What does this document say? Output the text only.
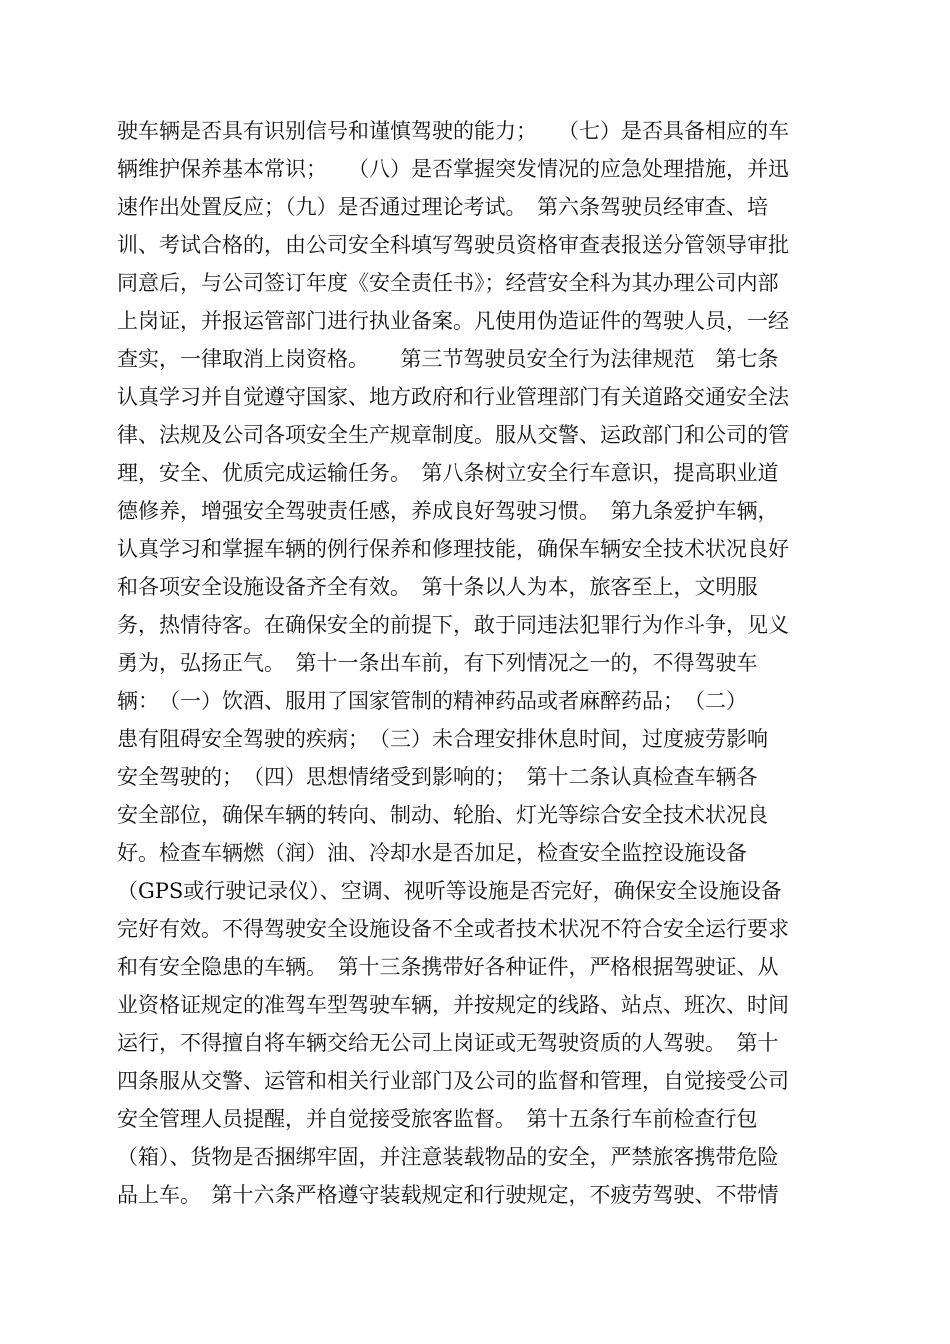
驶车辆是否具有识别信号和谨慎驾驶的能力；　　（七）是否具备相应的车
辆维护保养基本常识；　　（八）是否掌握突发情况的应急处理措施，并迅
速作出处置反应；（九）是否通过理论考试。　第六条驾驶员经审查、培
训、考试合格的，由公司安全科填写驾驶员资格审查表报送分管领导审批
同意后，与公司签订年度《安全责任书》；经营安全科为其办理公司内部
上岗证，并报运管部门进行执业备案。凡使用伪造证件的驾驶人员，一经
查实，一律取消上岗资格。　　第三节驾驶员安全行为法律规范　第七条
认真学习并自觉遵守国家、地方政府和行业管理部门有关道路交通安全法
律、法规及公司各项安全生产规章制度。服从交警、运政部门和公司的管
理，安全、优质完成运输任务。　第八条树立安全行车意识，提高职业道
德修养，增强安全驾驶责任感，养成良好驾驶习惯。　第九条爱护车辆，
认真学习和掌握车辆的例行保养和修理技能，确保车辆安全技术状况良好
和各项安全设施设备齐全有效。　第十条以人为本，旅客至上，文明服
务，热情待客。在确保安全的前提下，敢于同违法犯罪行为作斗争，见义
勇为，弘扬正气。　第十一条出车前，有下列情况之一的，不得驾驶车
辆：　（一）饮酒、服用了国家管制的精神药品或者麻醉药品；　（二）
患有阻碍安全驾驶的疾病；　（三）未合理安排休息时间，过度疲劳影响
安全驾驶的；　（四）思想情绪受到影响的；　第十二条认真检查车辆各
安全部位，确保车辆的转向、制动、轮胎、灯光等综合安全技术状况良
好。检查车辆燃（润）油、冷却水是否加足，检查安全监控设施设备
（GPS或行驶记录仪）、空调、视听等设施是否完好，确保安全设施设备
完好有效。不得驾驶安全设施设备不全或者技术状况不符合安全运行要求
和有安全隐患的车辆。　第十三条携带好各种证件，严格根据驾驶证、从
业资格证规定的准驾车型驾驶车辆，并按规定的线路、站点、班次、时间
运行，不得擅自将车辆交给无公司上岗证或无驾驶资质的人驾驶。　第十
四条服从交警、运管和相关行业部门及公司的监督和管理，自觉接受公司
安全管理人员提醒，并自觉接受旅客监督。　第十五条行车前检查行包
（箱）、货物是否捆绑牢固，并注意装载物品的安全，严禁旅客携带危险
品上车。　第十六条严格遵守装载规定和行驶规定，不疲劳驾驶、不带情
